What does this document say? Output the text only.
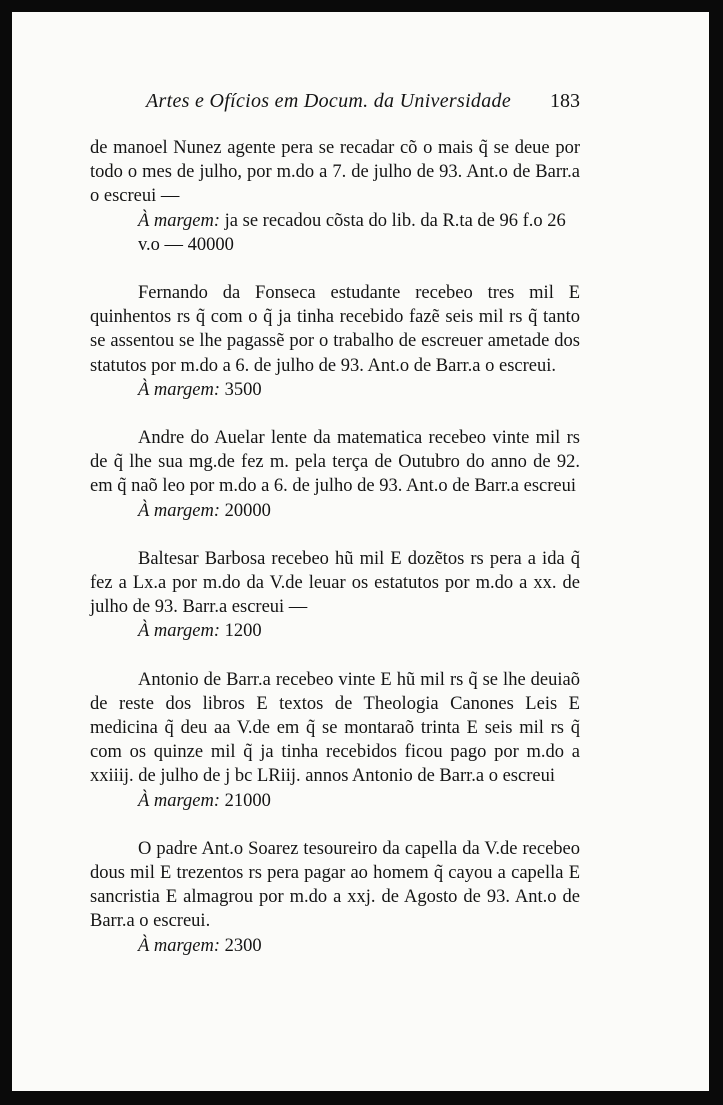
Artes e Ofícios em Docum. da Universidade 183

de manoel Nunez agente pera se recadar cõ o mais q̃ se deue por todo o mes de julho, por m.do a 7. de julho de 93. Ant.o de Barr.a o escreui —

À margem: ja se recadou cõsta do lib. da R.ta de 96 f.o 26 v.o — 40000

Fernando da Fonseca estudante recebeo tres mil E quinhentos rs q̃ com o q̃ ja tinha recebido fazẽ seis mil rs q̃ tanto se assentou se lhe pagassẽ por o trabalho de escreuer ametade dos statutos por m.do a 6. de julho de 93. Ant.o de Barr.a o escreui.

À margem: 3500

Andre do Auelar lente da matematica recebeo vinte mil rs de q̃ lhe sua mg.de fez m. pela terça de Outubro do anno de 92. em q̃ naõ leo por m.do a 6. de julho de 93. Ant.o de Barr.a escreui

À margem: 20000

Baltesar Barbosa recebeo hũ mil E dozẽtos rs pera a ida q̃ fez a Lx.a por m.do da V.de leuar os estatutos por m.do a xx. de julho de 93. Barr.a escreui —

À margem: 1200

Antonio de Barr.a recebeo vinte E hũ mil rs q̃ se lhe deuiaõ de reste dos libros E textos de Theologia Canones Leis E medicina q̃ deu aa V.de em q̃ se montaraõ trinta E seis mil rs q̃ com os quinze mil q̃ ja tinha recebidos ficou pago por m.do a xxiiij. de julho de j bc LRiij. annos Antonio de Barr.a o escreui

À margem: 21000

O padre Ant.o Soarez tesoureiro da capella da V.de recebeo dous mil E trezentos rs pera pagar ao homem q̃ cayou a capella E sancristia E almagrou por m.do a xxj. de Agosto de 93. Ant.o de Barr.a o escreui.

À margem: 2300
